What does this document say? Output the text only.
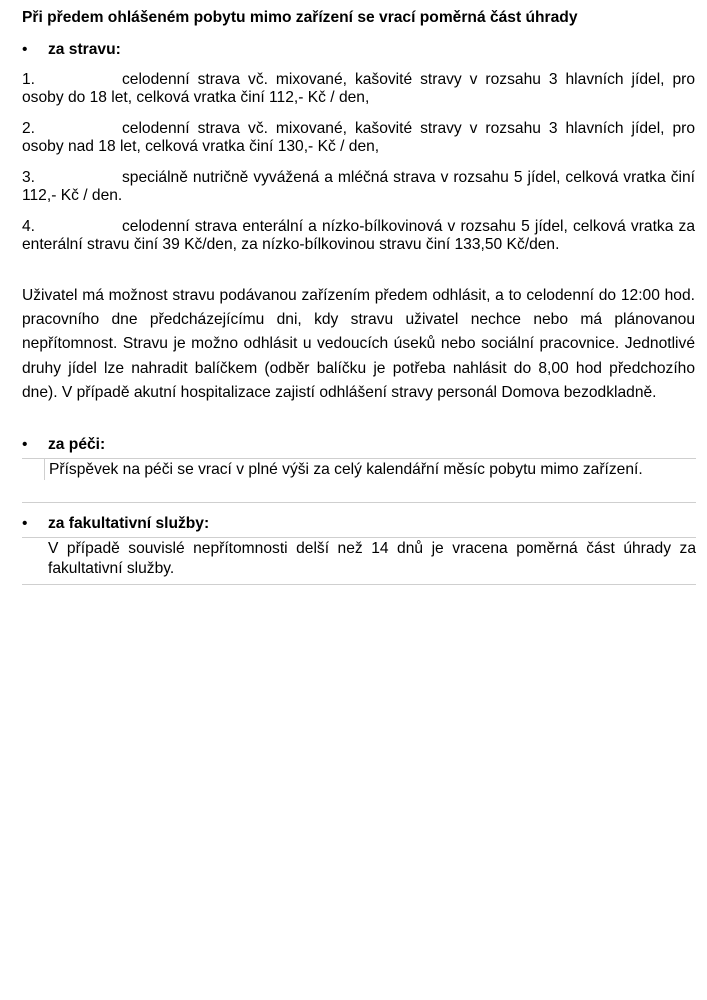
Při předem ohlášeném pobytu mimo zařízení se vrací poměrná část úhrady
• za stravu:
1.	celodenní strava vč. mixované, kašovité stravy v rozsahu 3 hlavních jídel, pro osoby do 18 let, celková vratka činí 112,- Kč / den,
2.	celodenní strava vč. mixované, kašovité stravy v rozsahu 3 hlavních jídel, pro osoby nad 18 let, celková vratka činí 130,- Kč / den,
3.	speciálně nutričně vyvážená a mléčná strava v rozsahu 5 jídel, celková vratka činí 112,- Kč / den.
4.	celodenní strava enterální a nízko-bílkovinová v rozsahu 5 jídel, celková vratka za enterální stravu činí 39 Kč/den, za nízko-bílkovinou stravu činí 133,50 Kč/den.
Uživatel má možnost stravu podávanou zařízením předem odhlásit, a to celodenní do 12:00 hod. pracovního dne předcházejícímu dni, kdy stravu uživatel nechce nebo má plánovanou nepřítomnost. Stravu je možno odhlásit u vedoucích úseků nebo sociální pracovnice. Jednotlivé druhy jídel lze nahradit balíčkem (odběr balíčku je potřeba nahlásit do 8,00 hod předchozího dne). V případě akutní hospitalizace zajistí odhlášení stravy personál Domova bezodkladně.
• za péči:
Příspěvek na péči se vrací v plné výši za celý kalendářní měsíc pobytu mimo zařízení.
• za fakultativní služby:
V případě souvislé nepřítomnosti delší než 14 dnů je vracena poměrná část úhrady za fakultativní služby.
